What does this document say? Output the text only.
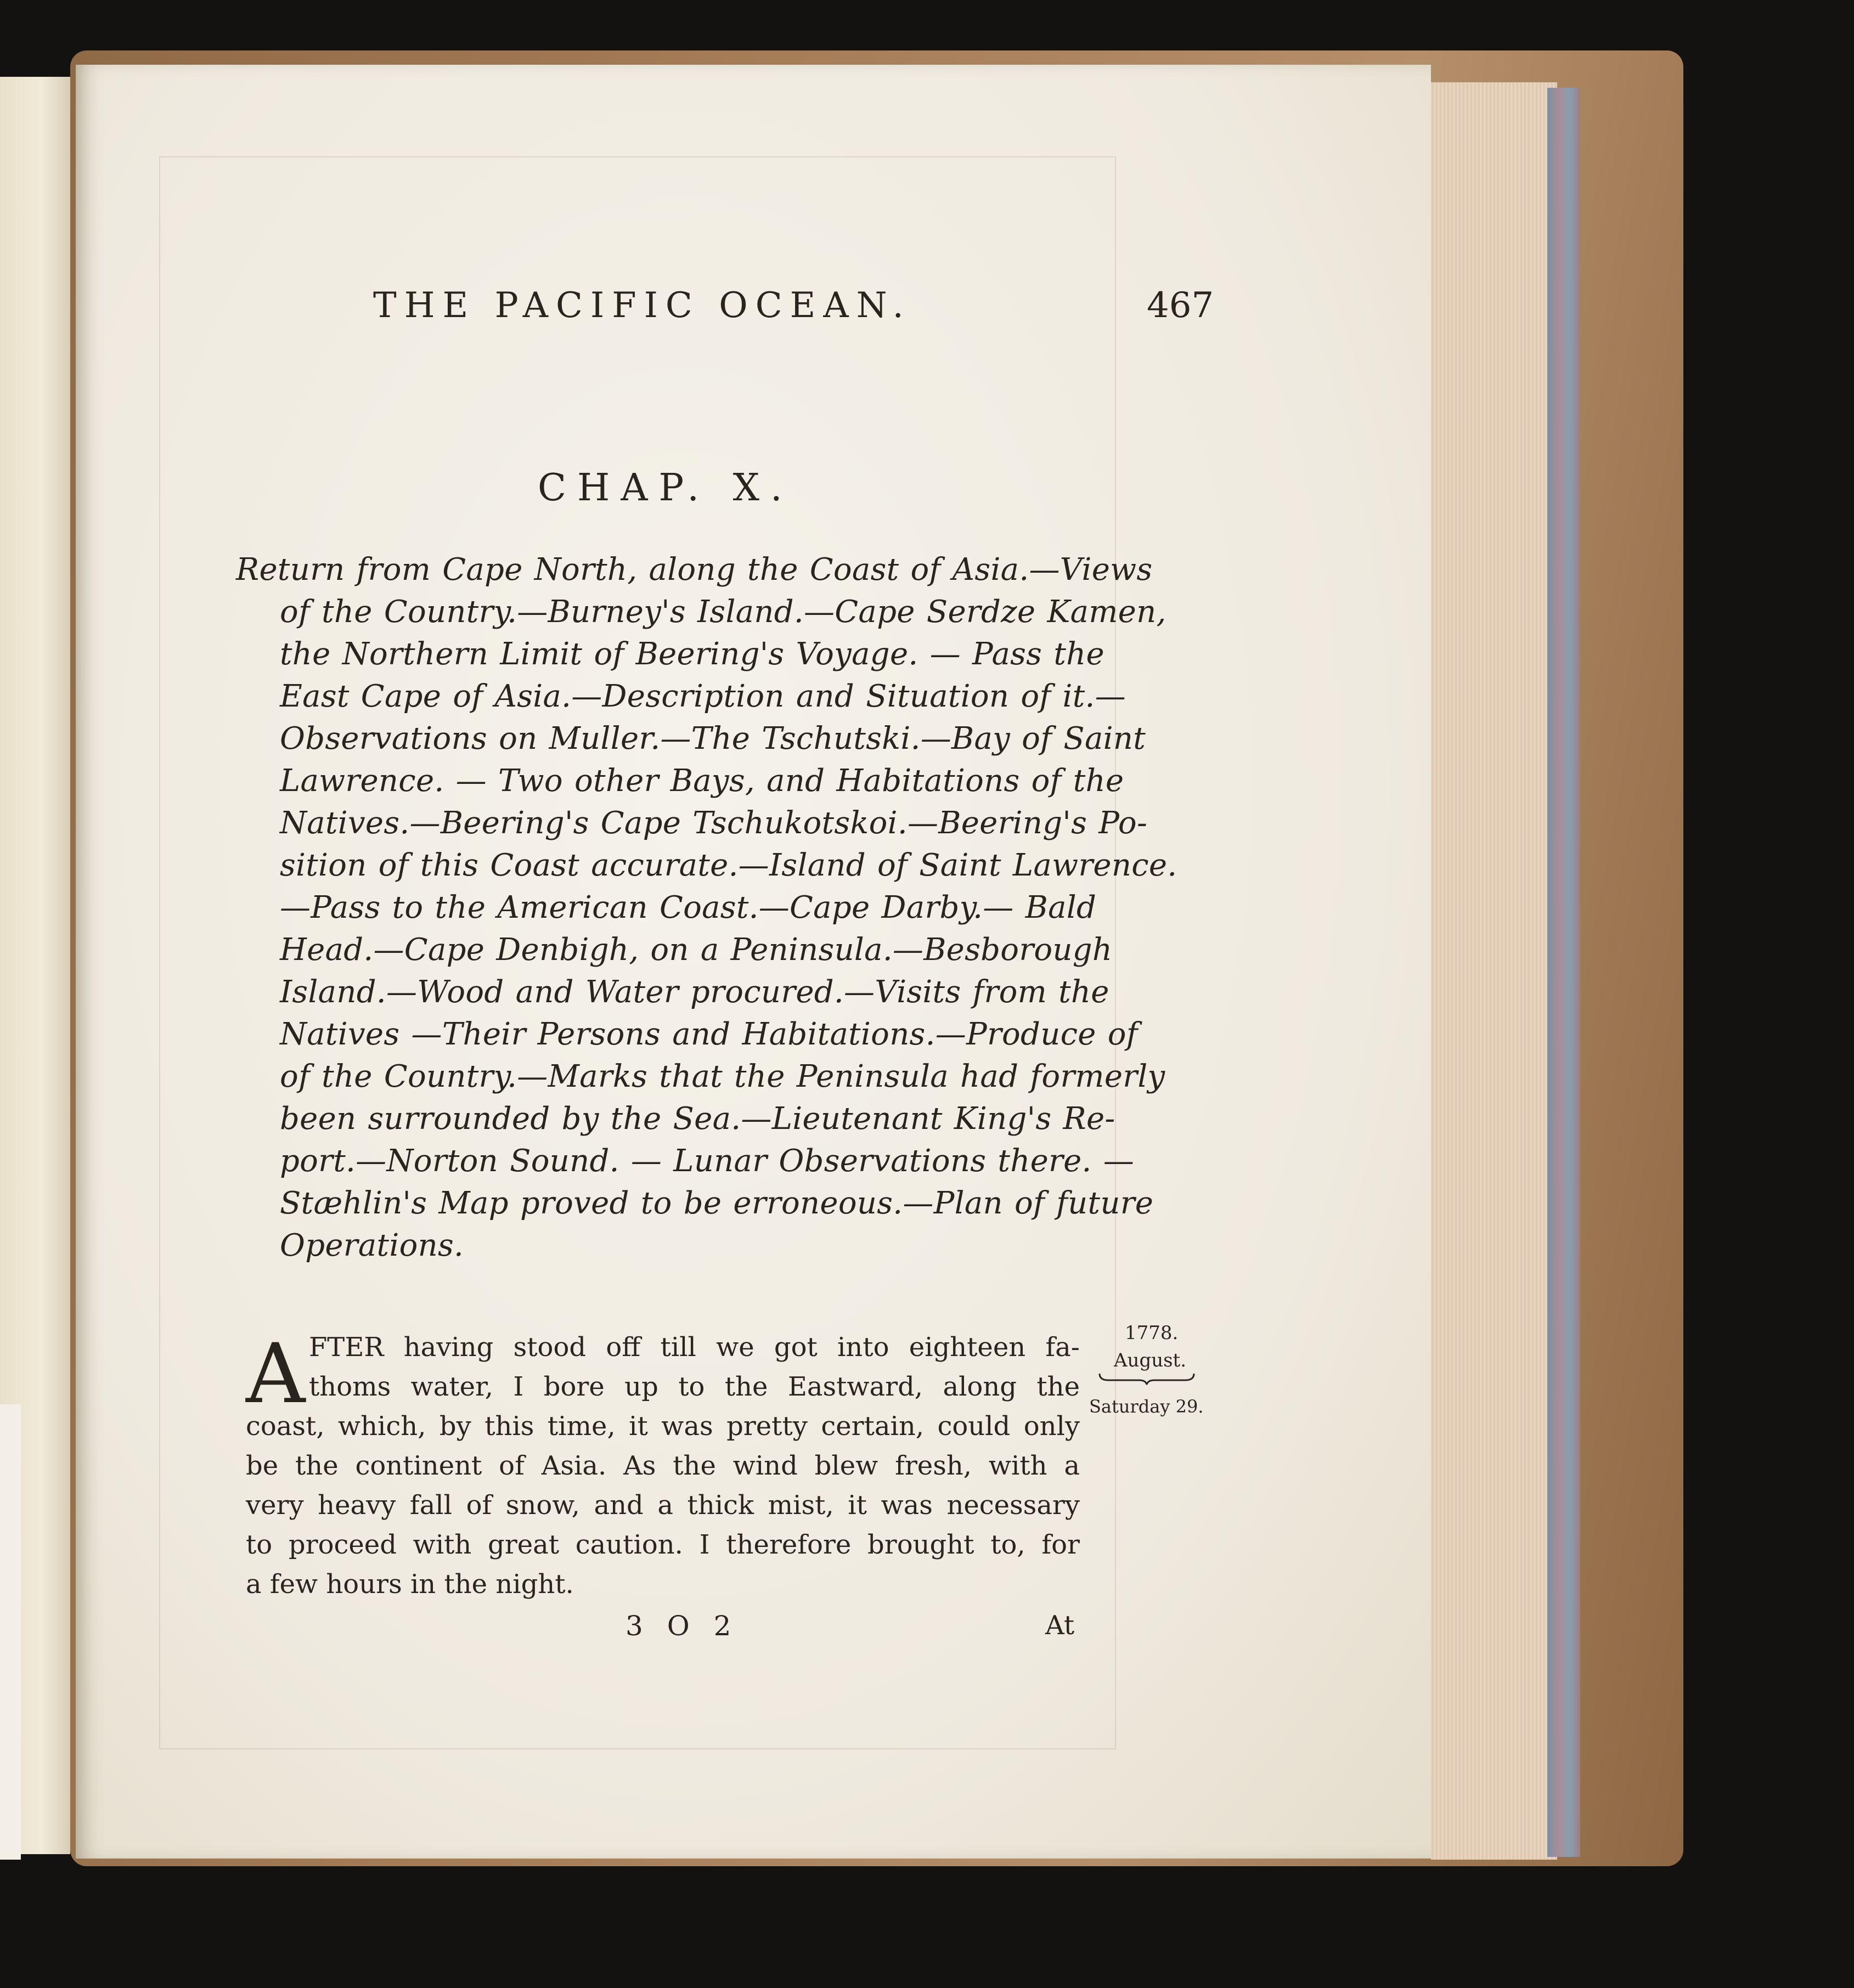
THE PACIFIC OCEAN.	467
CHAP. X.
Return from Cape North, along the Coast of Asia.—Views
of the Country.—Burney's Island.—Cape Serdze Kamen,
the Northern Limit of Beering's Voyage. — Pass the
East Cape of Asia.—Description and Situation of it.—
Observations on Muller.—The Tschutski.—Bay of Saint
Lawrence. — Two other Bays, and Habitations of the
Natives.—Beering's Cape Tschukotskoi.—Beering's Po-
sition of this Coast accurate.—Island of Saint Lawrence.
—Pass to the American Coast.—Cape Darby.— Bald
Head.—Cape Denbigh, on a Peninsula.—Besborough
Island.—Wood and Water procured.—Visits from the
Natives —Their Persons and Habitations.—Produce of
of the Country.—Marks that the Peninsula had formerly
been surrounded by the Sea.—Lieutenant King's Re-
port.—Norton Sound. — Lunar Observations there. —
Stæhlin's Map proved to be erroneous.—Plan of future
Operations.
A FTER having stood off till we got into eighteen fa-
thoms water, I bore up to the Eastward, along the
coast, which, by this time, it was pretty certain, could only
be the continent of Asia. As the wind blew fresh, with a
very heavy fall of snow, and a thick mist, it was necessary
to proceed with great caution. I therefore brought to, for
a few hours in the night.
1778.
August.
Saturday 29.
3 O 2	At
